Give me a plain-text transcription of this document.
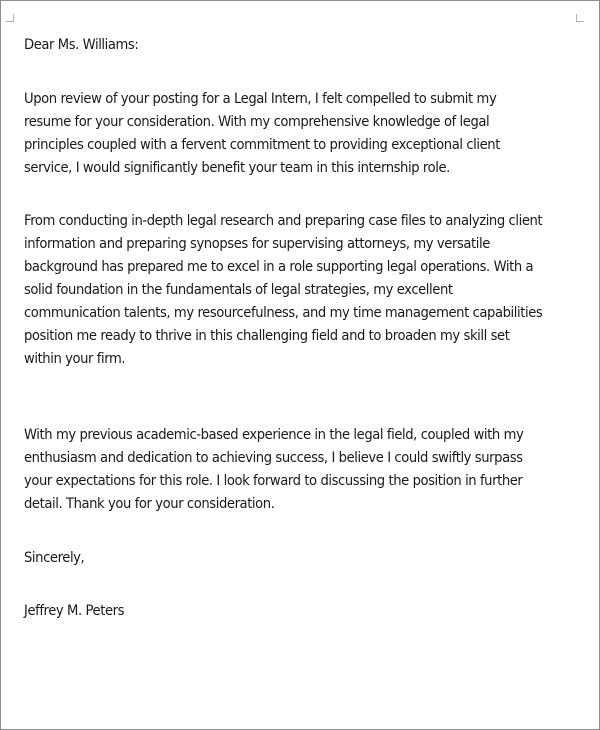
Dear Ms. Williams:

Upon review of your posting for a Legal Intern, I felt compelled to submit my resume for your consideration. With my comprehensive knowledge of legal principles coupled with a fervent commitment to providing exceptional client service, I would significantly benefit your team in this internship role.

From conducting in-depth legal research and preparing case files to analyzing client information and preparing synopses for supervising attorneys, my versatile background has prepared me to excel in a role supporting legal operations. With a solid foundation in the fundamentals of legal strategies, my excellent communication talents, my resourcefulness, and my time management capabilities position me ready to thrive in this challenging field and to broaden my skill set within your firm.

With my previous academic-based experience in the legal field, coupled with my enthusiasm and dedication to achieving success, I believe I could swiftly surpass your expectations for this role. I look forward to discussing the position in further detail. Thank you for your consideration.

Sincerely,

Jeffrey M. Peters
